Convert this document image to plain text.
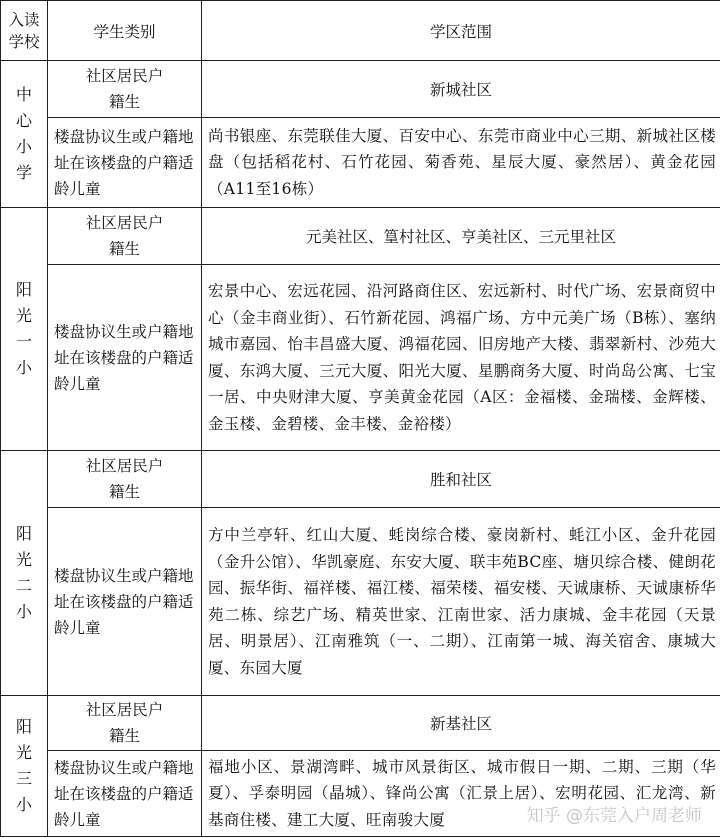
入读学校	学生类别	学区范围

中心小学	社区居民户籍生	新城社区
	楼盘协议生或户籍地址在该楼盘的户籍适龄儿童	尚书银座、东莞联佳大厦、百安中心、东莞市商业中心三期、新城社区楼盘（包括稻花村、石竹花园、菊香苑、星辰大厦、豪然居）、黄金花园（A11至16栋）

阳光一小	社区居民户籍生	元美社区、篁村社区、亨美社区、三元里社区
	楼盘协议生或户籍地址在该楼盘的户籍适龄儿童	宏景中心、宏远花园、沿河路商住区、宏远新村、时代广场、宏景商贸中心（金丰商业街）、石竹新花园、鸿福广场、方中元美广场（B栋）、塞纳城市嘉园、怡丰昌盛大厦、鸿福花园、旧房地产大楼、翡翠新村、沙苑大厦、东鸿大厦、三元大厦、阳光大厦、星鹏商务大厦、时尚岛公寓、七宝一居、中央财津大厦、亨美黄金花园（A区：金福楼、金瑞楼、金辉楼、金玉楼、金碧楼、金丰楼、金裕楼）

阳光二小	社区居民户籍生	胜和社区
	楼盘协议生或户籍地址在该楼盘的户籍适龄儿童	方中兰亭轩、红山大厦、蚝岗综合楼、豪岗新村、蚝江小区、金升花园（金升公馆）、华凯豪庭、东安大厦、联丰苑BC座、塘贝综合楼、健朗花园、振华街、福祥楼、福江楼、福荣楼、福安楼、天诚康桥、天诚康桥华苑二栋、综艺广场、精英世家、江南世家、活力康城、金丰花园（天景居、明景居）、江南雅筑（一、二期）、江南第一城、海关宿舍、康城大厦、东园大厦

阳光三小	社区居民户籍生	新基社区
	楼盘协议生或户籍地址在该楼盘的户籍适龄儿童	福地小区、景湖湾畔、城市风景街区、城市假日一期、二期、三期（华夏）、孚泰明园（晶城）、锋尚公寓（汇景上居）、宏明花园、汇龙湾、新基商住楼、建工大厦、旺南骏大厦	知乎 @东莞入户周老师
